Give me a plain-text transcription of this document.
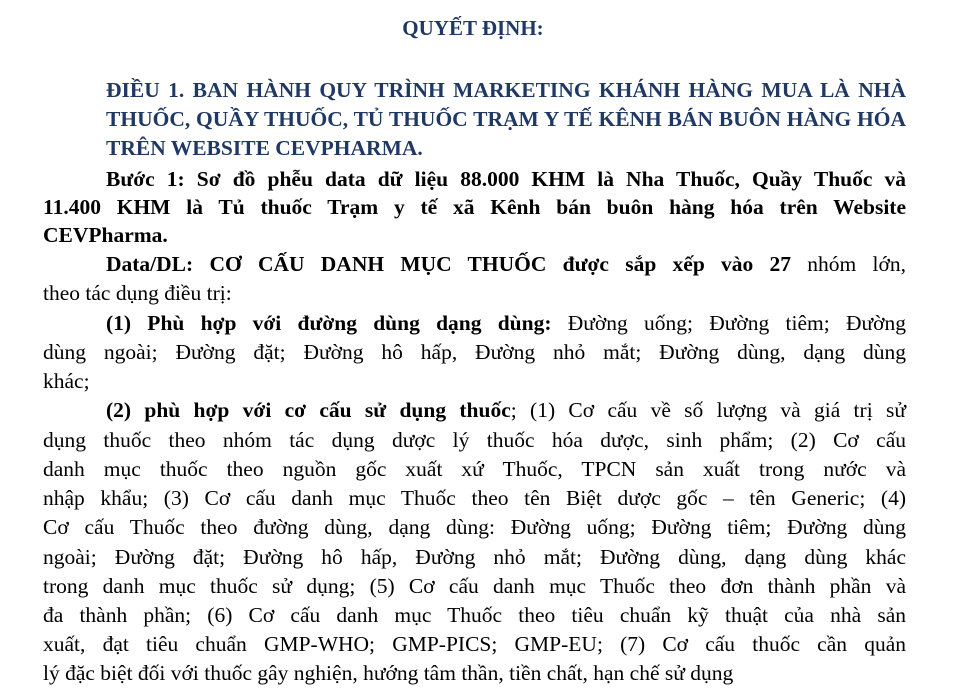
QUYẾT ĐỊNH:
ĐIỀU 1. BAN HÀNH QUY TRÌNH MARKETING KHÁNH HÀNG MUA LÀ NHÀ THUỐC, QUẦY THUỐC, TỦ THUỐC TRẠM Y TẾ KÊNH BÁN BUÔN HÀNG HÓA TRÊN WEBSITE CEVPHARMA.
Bước 1: Sơ đồ phễu data dữ liệu 88.000 KHM là Nha Thuốc, Quầy Thuốc và
11.400 KHM là Tủ thuốc Trạm y tế xã Kênh bán buôn hàng hóa trên Website
CEVPharma.
Data/DL: CƠ CẤU DANH MỤC THUỐC được sắp xếp vào 27 nhóm lớn,
theo tác dụng điều trị:
(1) Phù hợp với đường dùng dạng dùng: Đường uống; Đường tiêm; Đường
dùng ngoài; Đường đặt; Đường hô hấp, Đường nhỏ mắt; Đường dùng, dạng dùng
khác;
(2) phù hợp với cơ cấu sử dụng thuốc; (1) Cơ cấu về số lượng và giá trị sử
dụng thuốc theo nhóm tác dụng dược lý thuốc hóa dược, sinh phẩm; (2) Cơ cấu
danh mục thuốc theo nguồn gốc xuất xứ Thuốc, TPCN sản xuất trong nước và
nhập khẩu; (3) Cơ cấu danh mục Thuốc theo tên Biệt dược gốc – tên Generic; (4)
Cơ cấu Thuốc theo đường dùng, dạng dùng: Đường uống; Đường tiêm; Đường dùng
ngoài; Đường đặt; Đường hô hấp, Đường nhỏ mắt; Đường dùng, dạng dùng khác
trong danh mục thuốc sử dụng; (5) Cơ cấu danh mục Thuốc theo đơn thành phần và
đa thành phần; (6) Cơ cấu danh mục Thuốc theo tiêu chuẩn kỹ thuật của nhà sản
xuất, đạt tiêu chuẩn GMP-WHO; GMP-PICS; GMP-EU; (7) Cơ cấu thuốc cần quản
lý đặc biệt đối với thuốc gây nghiện, hướng tâm thần, tiền chất, hạn chế sử dụng
